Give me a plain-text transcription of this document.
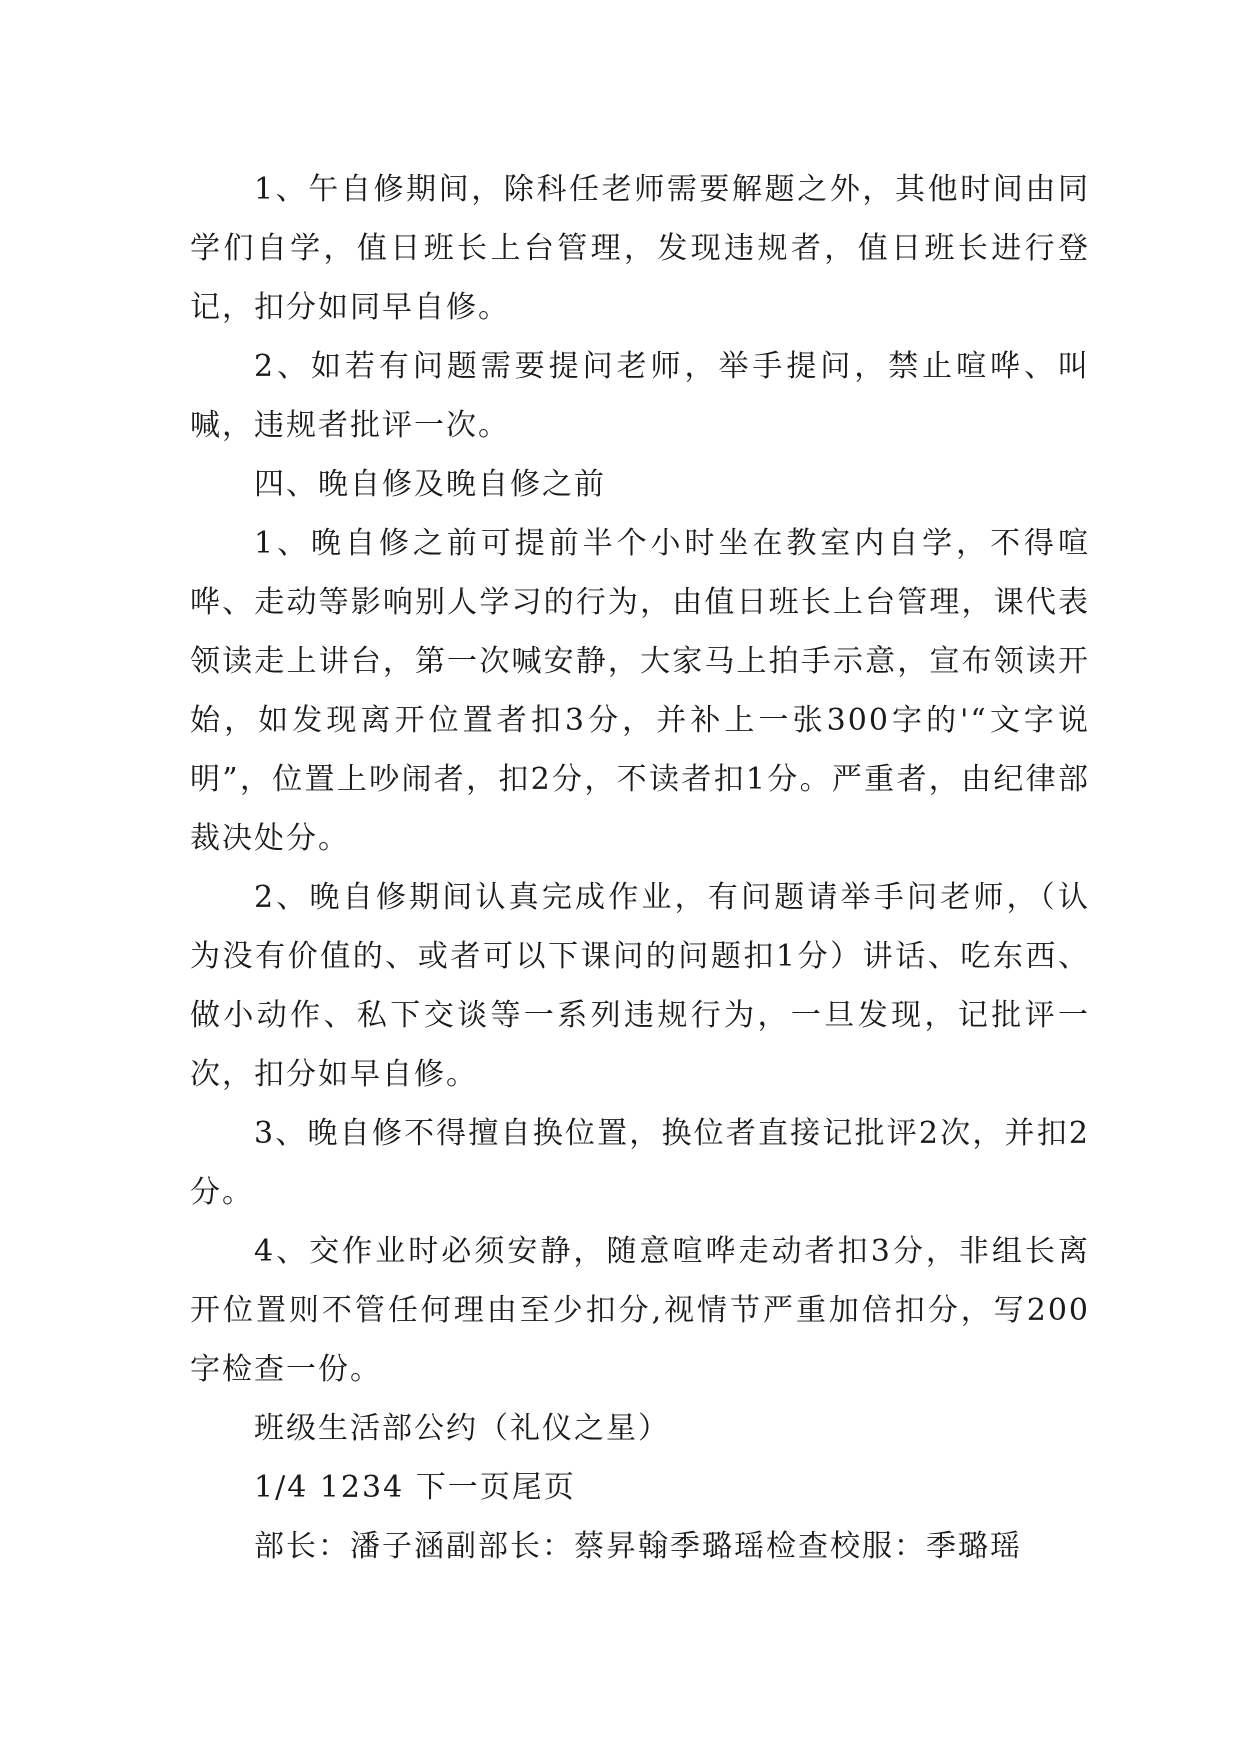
1、午自修期间，除科任老师需要解题之外，其他时间由同学们自学，值日班长上台管理，发现违规者，值日班长进行登记，扣分如同早自修。

2、如若有问题需要提问老师，举手提问，禁止喧哗、叫喊，违规者批评一次。

四、晚自修及晚自修之前

1、晚自修之前可提前半个小时坐在教室内自学，不得喧哗、走动等影响别人学习的行为，由值日班长上台管理，课代表领读走上讲台，第一次喊安静，大家马上拍手示意，宣布领读开始，如发现离开位置者扣3分，并补上一张300字的'“文字说明”，位置上吵闹者，扣2分，不读者扣1分。严重者，由纪律部裁决处分。

2、晚自修期间认真完成作业，有问题请举手问老师，（认为没有价值的、或者可以下课问的问题扣1分）讲话、吃东西、做小动作、私下交谈等一系列违规行为，一旦发现，记批评一次，扣分如早自修。

3、晚自修不得擅自换位置，换位者直接记批评2次，并扣2分。

4、交作业时必须安静，随意喧哗走动者扣3分，非组长离开位置则不管任何理由至少扣分,视情节严重加倍扣分，写200字检查一份。

班级生活部公约（礼仪之星）

1/4 1234 下一页尾页

部长：潘子涵副部长：蔡昇翰季璐瑶检查校服：季璐瑶
